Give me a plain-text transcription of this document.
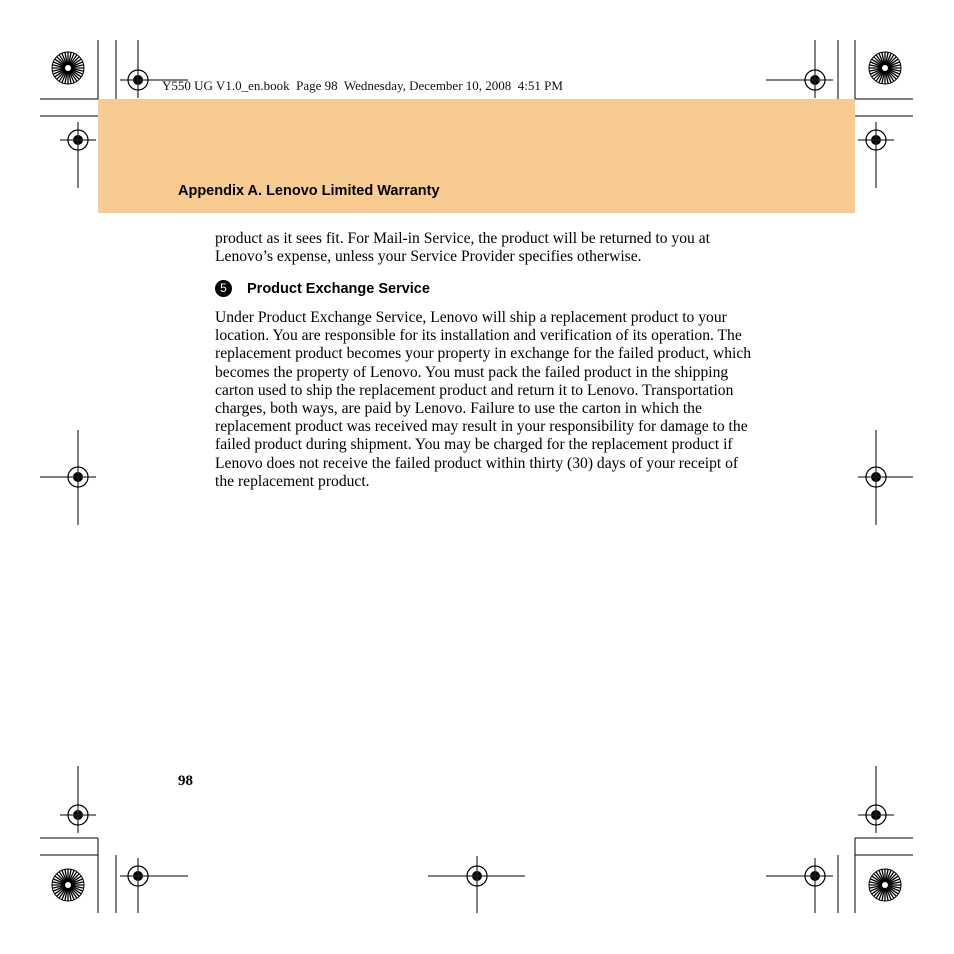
Y550 UG V1.0_en.book  Page 98  Wednesday, December 10, 2008  4:51 PM

Appendix A. Lenovo Limited Warranty

product as it sees fit. For Mail-in Service, the product will be returned to you at Lenovo’s expense, unless your Service Provider specifies otherwise.

5	Product Exchange Service

Under Product Exchange Service, Lenovo will ship a replacement product to your location. You are responsible for its installation and verification of its operation. The replacement product becomes your property in exchange for the failed product, which becomes the property of Lenovo. You must pack the failed product in the shipping carton used to ship the replacement product and return it to Lenovo. Transportation charges, both ways, are paid by Lenovo. Failure to use the carton in which the replacement product was received may result in your responsibility for damage to the failed product during shipment. You may be charged for the replacement product if Lenovo does not receive the failed product within thirty (30) days of your receipt of the replacement product.

98
